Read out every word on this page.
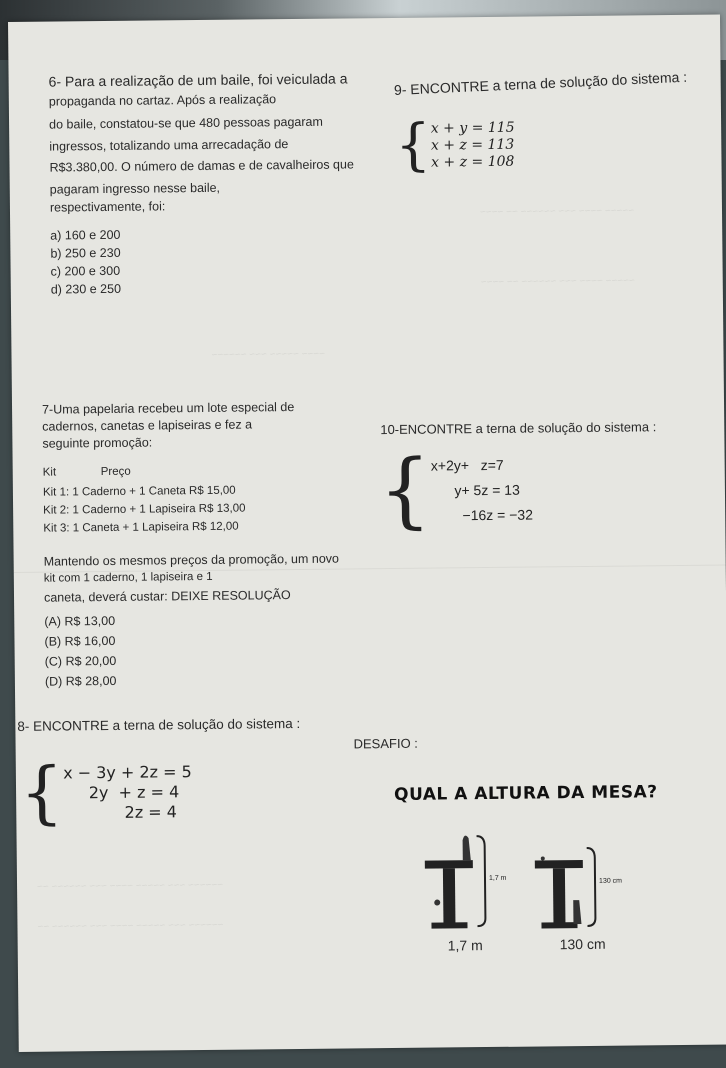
~~~~~ ~~~~ ~~~ ~~~~~~ ~~ ~~~~
~~~~~ ~~~~ ~~~ ~~~~~~ ~~ ~~~~
~~~~ ~~~~~ ~~~ ~~~~~~
~~~~~~ ~~~ ~~~~~ ~~~~ ~~~ ~~~~~~ ~~
~~~~~~ ~~~ ~~~~~ ~~~~ ~~~ ~~~~~~ ~~
6- Para a realização de um baile, foi veiculada a
propaganda no cartaz. Após a realização
do baile, constatou-se que 480 pessoas pagaram
ingressos, totalizando uma arrecadação de
R$3.380,00. O número de damas e de cavalheiros que
pagaram ingresso nesse baile,
respectivamente, foi:
a) 160 e 200
b) 250 e 230
c) 200 e 300
d) 230 e 250
9- ENCONTRE a terna de solução do sistema :
{ x + y = 115
x + z = 113
x + z = 108
7-Uma papelaria recebeu um lote especial de
cadernos, canetas e lapiseiras e fez a
seguinte promoção:
Kit	Preço
Kit 1: 1 Caderno + 1 Caneta R$ 15,00
Kit 2: 1 Caderno + 1 Lapiseira R$ 13,00
Kit 3: 1 Caneta + 1 Lapiseira R$ 12,00
Mantendo os mesmos preços da promoção, um novo
kit com 1 caderno, 1 lapiseira e 1
caneta, deverá custar: DEIXE RESOLUÇÃO
(A) R$ 13,00
(B) R$ 16,00
(C) R$ 20,00
(D) R$ 28,00
10-ENCONTRE a terna de solução do sistema :
{ x+2y+   z=7
y+ 5z = 13
−16z = −32
8- ENCONTRE a terna de solução do sistema :
{ x − 3y + 2z = 5
2y  + z = 4
2z = 4
DESAFIO :
QUAL A ALTURA DA MESA?
1,7 m	130 cm
1,7 m	130 cm
